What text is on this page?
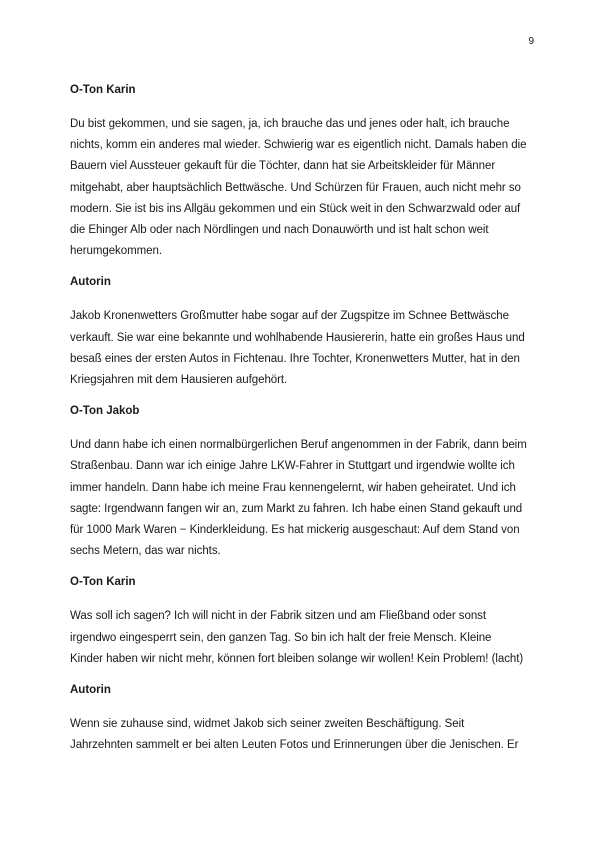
9

O-Ton Karin

Du bist gekommen, und sie sagen, ja, ich brauche das und jenes oder halt, ich brauche
nichts, komm ein anderes mal wieder. Schwierig war es eigentlich nicht. Damals haben die
Bauern viel Aussteuer gekauft für die Töchter, dann hat sie Arbeitskleider für Männer
mitgehabt, aber hauptsächlich Bettwäsche. Und Schürzen für Frauen, auch nicht mehr so
modern. Sie ist bis ins Allgäu gekommen und ein Stück weit in den Schwarzwald oder auf
die Ehinger Alb oder nach Nördlingen und nach Donauwörth und ist halt schon weit
herumgekommen.

Autorin

Jakob Kronenwetters Großmutter habe sogar auf der Zugspitze im Schnee Bettwäsche
verkauft. Sie war eine bekannte und wohlhabende Hausiererin, hatte ein großes Haus und
besaß eines der ersten Autos in Fichtenau. Ihre Tochter, Kronenwetters Mutter, hat in den
Kriegsjahren mit dem Hausieren aufgehört.

O-Ton Jakob

Und dann habe ich einen normalbürgerlichen Beruf angenommen in der Fabrik, dann beim
Straßenbau. Dann war ich einige Jahre LKW-Fahrer in Stuttgart und irgendwie wollte ich
immer handeln. Dann habe ich meine Frau kennengelernt, wir haben geheiratet. Und ich
sagte: Irgendwann fangen wir an, zum Markt zu fahren. Ich habe einen Stand gekauft und
für 1000 Mark Waren − Kinderkleidung. Es hat mickerig ausgeschaut: Auf dem Stand von
sechs Metern, das war nichts.

O-Ton Karin

Was soll ich sagen? Ich will nicht in der Fabrik sitzen und am Fließband oder sonst
irgendwo eingesperrt sein, den ganzen Tag. So bin ich halt der freie Mensch. Kleine
Kinder haben wir nicht mehr, können fort bleiben solange wir wollen! Kein Problem! (lacht)

Autorin

Wenn sie zuhause sind, widmet Jakob sich seiner zweiten Beschäftigung. Seit
Jahrzehnten sammelt er bei alten Leuten Fotos und Erinnerungen über die Jenischen. Er
